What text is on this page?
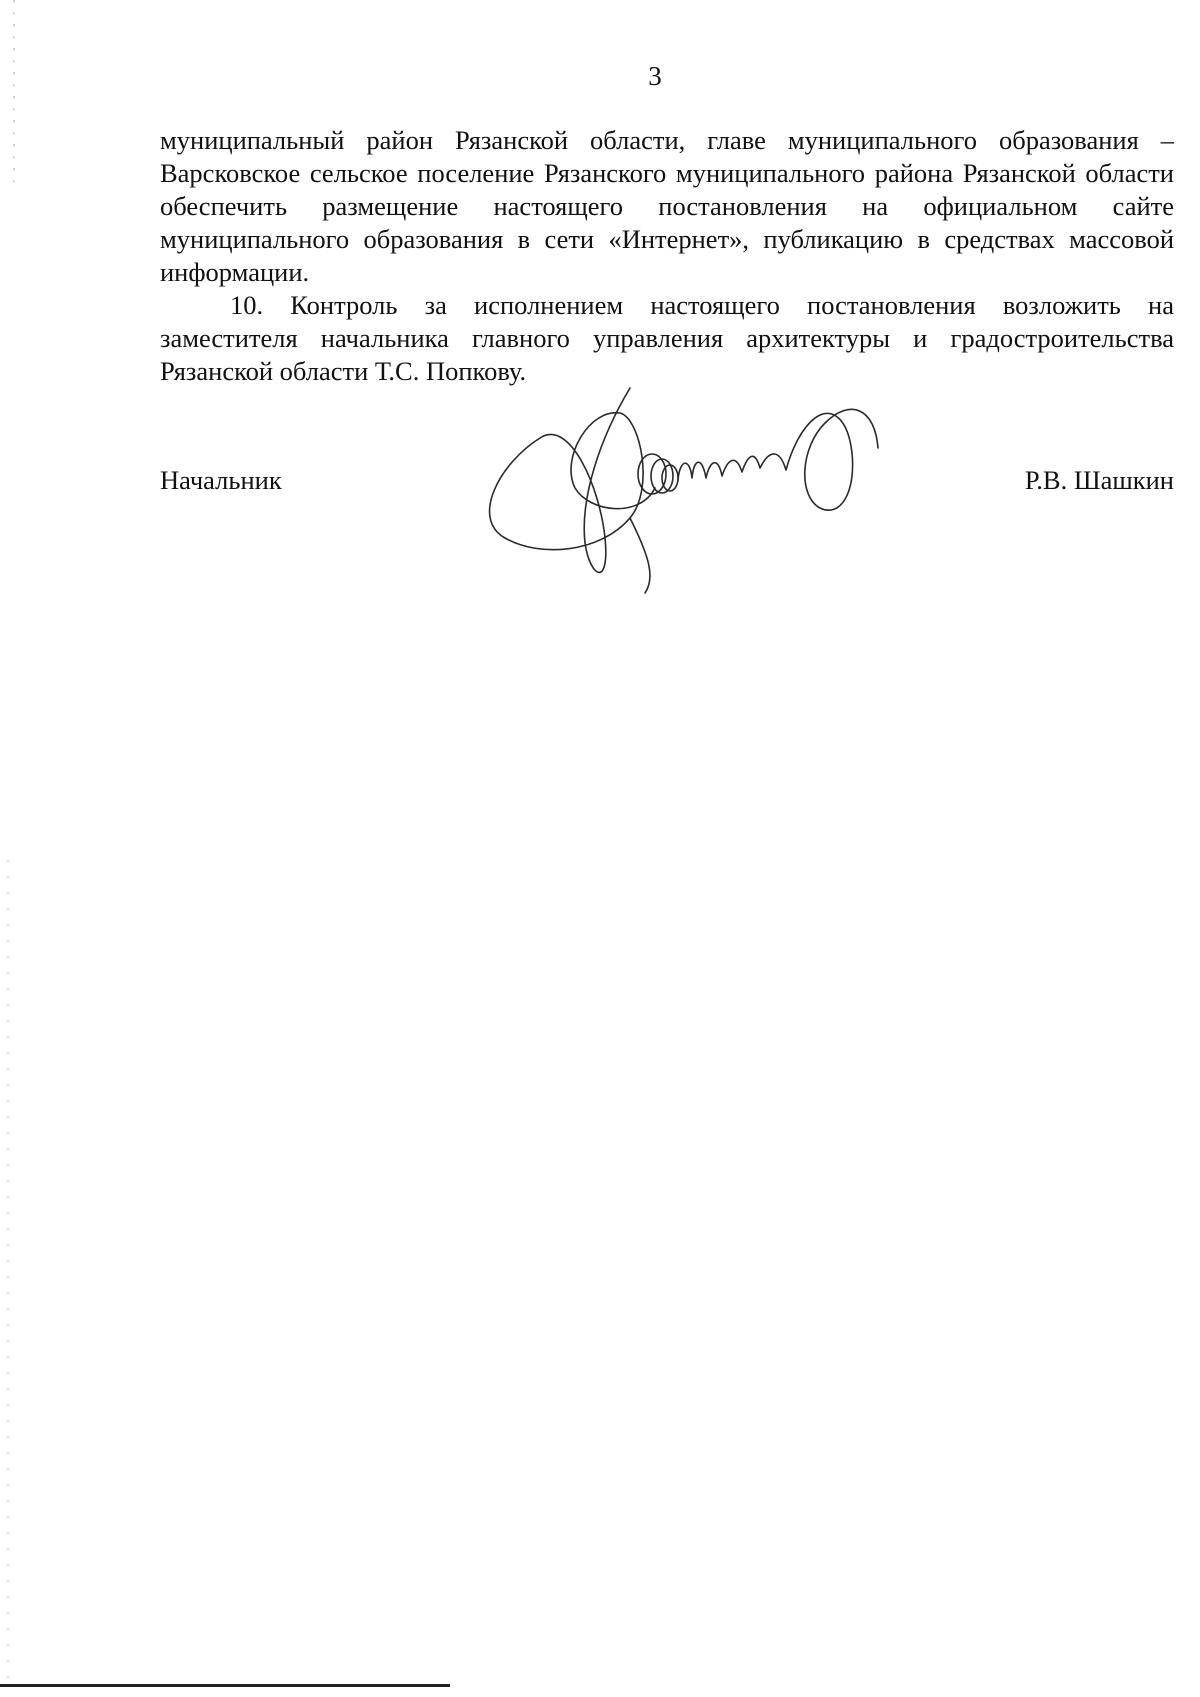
3

муниципальный район Рязанской области, главе муниципального образования – Варсковское сельское поселение Рязанского муниципального района Рязанской области обеспечить размещение настоящего постановления на официальном сайте муниципального образования в сети «Интернет», публикацию в средствах массовой информации.

10. Контроль за исполнением настоящего постановления возложить на заместителя начальника главного управления архитектуры и градостроительства Рязанской области Т.С. Попкову.

Начальник	Р.В. Шашкин
